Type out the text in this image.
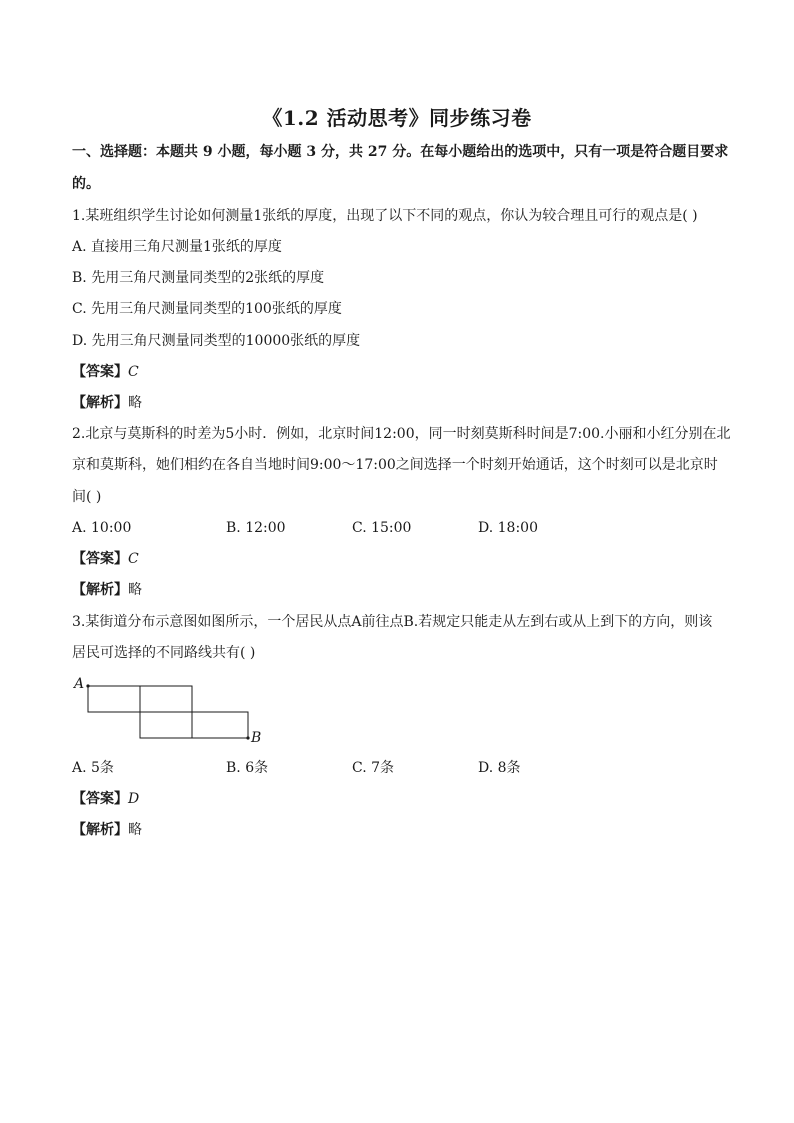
《1.2 活动思考》同步练习卷
一、选择题：本题共 9 小题，每小题 3 分，共 27 分。在每小题给出的选项中，只有一项是符合题目要求
的。
1.某班组织学生讨论如何测量1张纸的厚度，出现了以下不同的观点，你认为较合理且可行的观点是( )
A. 直接用三角尺测量1张纸的厚度
B. 先用三角尺测量同类型的2张纸的厚度
C. 先用三角尺测量同类型的100张纸的厚度
D. 先用三角尺测量同类型的10000张纸的厚度
【答案】C
【解析】略
2.北京与莫斯科的时差为5小时．例如，北京时间12:00，同一时刻莫斯科时间是7:00.小丽和小红分别在北
京和莫斯科，她们相约在各自当地时间9:00～17:00之间选择一个时刻开始通话，这个时刻可以是北京时
间( )
A. 10:00	B. 12:00	C. 15:00	D. 18:00
【答案】C
【解析】略
3.某街道分布示意图如图所示，一个居民从点A前往点B.若规定只能走从左到右或从上到下的方向，则该
居民可选择的不同路线共有( )
A
B
A. 5条	B. 6条	C. 7条	D. 8条
【答案】D
【解析】略
